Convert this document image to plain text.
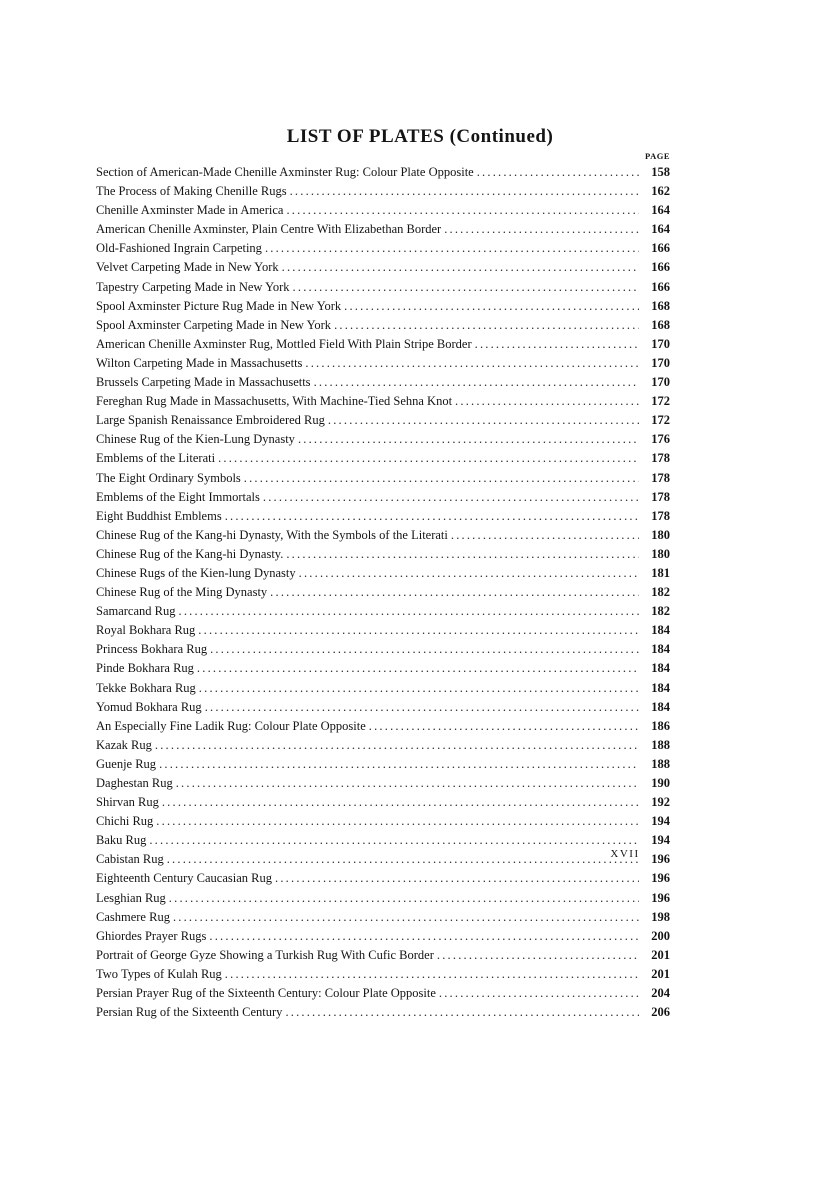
LIST OF PLATES (Continued)
PAGE
Section of American-Made Chenille Axminster Rug: Colour Plate Opposite .....	158
The Process of Making Chenille Rugs .....	162
Chenille Axminster Made in America .....	164
American Chenille Axminster, Plain Centre With Elizabethan Border .....	164
Old-Fashioned Ingrain Carpeting .....	166
Velvet Carpeting Made in New York .....	166
Tapestry Carpeting Made in New York .....	166
Spool Axminster Picture Rug Made in New York .....	168
Spool Axminster Carpeting Made in New York .....	168
American Chenille Axminster Rug, Mottled Field With Plain Stripe Border .....	170
Wilton Carpeting Made in Massachusetts .....	170
Brussels Carpeting Made in Massachusetts .....	170
Fereghan Rug Made in Massachusetts, With Machine-Tied Sehna Knot .....	172
Large Spanish Renaissance Embroidered Rug .....	172
Chinese Rug of the Kien-Lung Dynasty .....	176
Emblems of the Literati .....	178
The Eight Ordinary Symbols .....	178
Emblems of the Eight Immortals .....	178
Eight Buddhist Emblems .....	178
Chinese Rug of the Kang-hi Dynasty, With the Symbols of the Literati .....	180
Chinese Rug of the Kang-hi Dynasty. .....	180
Chinese Rugs of the Kien-lung Dynasty .....	181
Chinese Rug of the Ming Dynasty .....	182
Samarcand Rug .....	182
Royal Bokhara Rug .....	184
Princess Bokhara Rug .....	184
Pinde Bokhara Rug .....	184
Tekke Bokhara Rug .....	184
Yomud Bokhara Rug .....	184
An Especially Fine Ladik Rug: Colour Plate Opposite .....	186
Kazak Rug .....	188
Guenje Rug .....	188
Daghestan Rug .....	190
Shirvan Rug .....	192
Chichi Rug .....	194
Baku Rug .....	194
Cabistan Rug .....	196
Eighteenth Century Caucasian Rug .....	196
Lesghian Rug .....	196
Cashmere Rug .....	198
Ghiordes Prayer Rugs .....	200
Portrait of George Gyze Showing a Turkish Rug With Cufic Border .....	201
Two Types of Kulah Rug .....	201
Persian Prayer Rug of the Sixteenth Century: Colour Plate Opposite .....	204
Persian Rug of the Sixteenth Century .....	206
XVII
